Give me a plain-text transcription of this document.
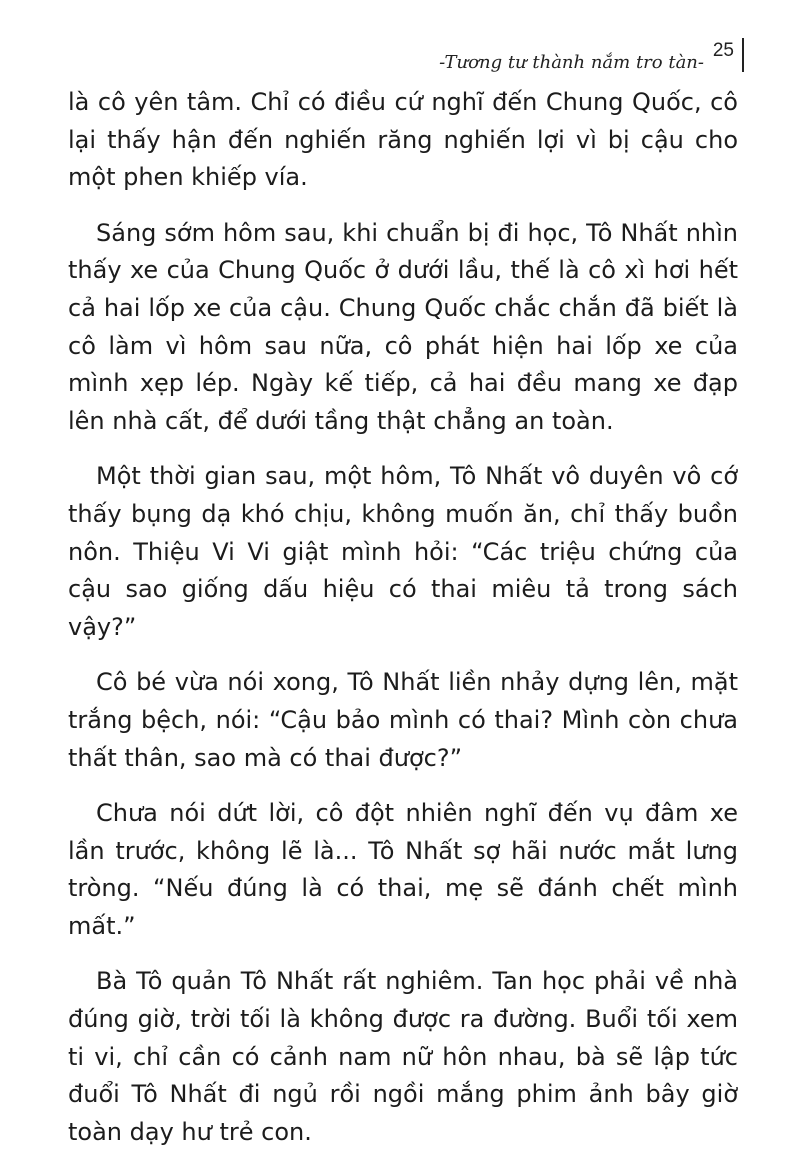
-Tương tư thành nắm tro tàn-
25

là cô yên tâm. Chỉ có điều cứ nghĩ đến Chung Quốc, cô lại thấy hận đến nghiến răng nghiến lợi vì bị cậu cho một phen khiếp vía.

Sáng sớm hôm sau, khi chuẩn bị đi học, Tô Nhất nhìn thấy xe của Chung Quốc ở dưới lầu, thế là cô xì hơi hết cả hai lốp xe của cậu. Chung Quốc chắc chắn đã biết là cô làm vì hôm sau nữa, cô phát hiện hai lốp xe của mình xẹp lép. Ngày kế tiếp, cả hai đều mang xe đạp lên nhà cất, để dưới tầng thật chẳng an toàn.

Một thời gian sau, một hôm, Tô Nhất vô duyên vô cớ thấy bụng dạ khó chịu, không muốn ăn, chỉ thấy buồn nôn. Thiệu Vi Vi giật mình hỏi: “Các triệu chứng của cậu sao giống dấu hiệu có thai miêu tả trong sách vậy?”

Cô bé vừa nói xong, Tô Nhất liền nhảy dựng lên, mặt trắng bệch, nói: “Cậu bảo mình có thai? Mình còn chưa thất thân, sao mà có thai được?”

Chưa nói dứt lời, cô đột nhiên nghĩ đến vụ đâm xe lần trước, không lẽ là... Tô Nhất sợ hãi nước mắt lưng tròng. “Nếu đúng là có thai, mẹ sẽ đánh chết mình mất.”

Bà Tô quản Tô Nhất rất nghiêm. Tan học phải về nhà đúng giờ, trời tối là không được ra đường. Buổi tối xem ti vi, chỉ cần có cảnh nam nữ hôn nhau, bà sẽ lập tức đuổi Tô Nhất đi ngủ rồi ngồi mắng phim ảnh bây giờ toàn dạy hư trẻ con.
